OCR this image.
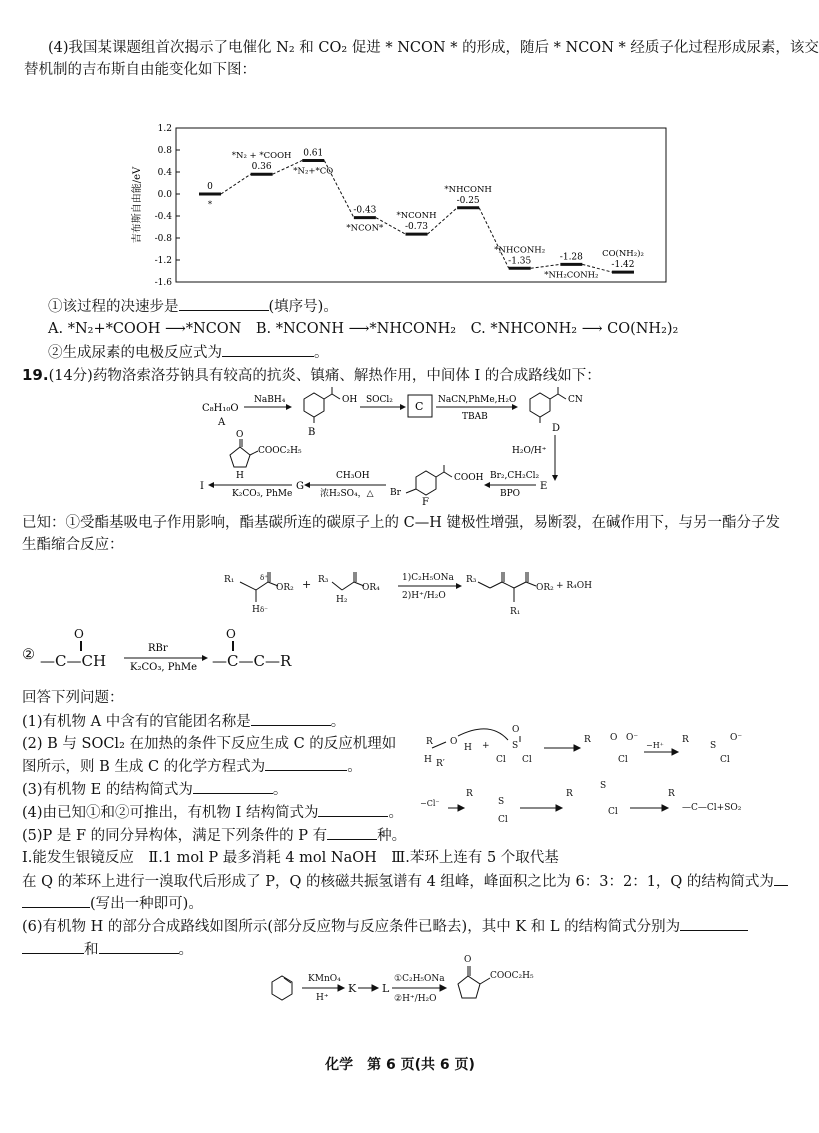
(4)我国某课题组首次揭示了电催化 N₂ 和 CO₂ 促进 * NCON * 的形成，随后 * NCON * 经质子化过程形成尿素，该交
替机制的吉布斯自由能变化如下图：
吉布斯自由能/eV
1.2
0.8
0.4
0.0
-0.4
-0.8
-1.2
-1.6
0
*
0.36
*N₂ + *COOH 0.61
*N₂+*CO
-0.43
*NCON* -0.73
*NCONH
-0.25
*NHCONH
-1.35
*NHCONH₂
-1.28
*NH₂CONH₂
-1.42
CO(NH₂)₂
①该过程的决速步是	(填序号)。
A. *N₂+*COOH ⟶*NCON　B. *NCONH ⟶*NHCONH₂　C. *NHCONH₂ ⟶ CO(NH₂)₂
②生成尿素的电极反应式为	。
19.(14分)药物洛索洛芬钠具有较高的抗炎、镇痛、解热作用，中间体 I 的合成路线如下：
C₈H₁₀O
A
NaBH₄	OH
B
SOCl₂ C NaCN,PhMe,H₂O
TBAB
CN
D
H₂O/H⁺
E
Br₂,CH₂Cl₂
BPO
COOH
Br
F
CH₃OH
浓H₂SO₄，△
G
K₂CO₃, PhMe
I
O
COOC₂H₅
H
已知：①受酯基吸电子作用影响，酯基碳所连的碳原子上的 C—H 键极性增强，易断裂，在碱作用下，与另一酯分子发
生酯缩合反应：
R₁
OR₂
δ⁺
H δ⁻
+ R₃
H₂
OR₄
1)C₂H₅ONa
2)H⁺/H₂O
R₃
OR₂
R₁
+ R₄OH
② —C—CH
O
RBr
K₂CO₃, PhMe —C—C—R
O
回答下列问题：
(1)有机物 A 中含有的官能团名称是	。
(2) B 与 SOCl₂ 在加热的条件下反应生成 C 的反应机理如
图所示，则 B 生成 C 的化学方程式为	。
(3)有机物 E 的结构简式为	。
(4)由已知①和②可推出，有机物 I 结构简式为	。
(5)P 是 F 的同分异构体，满足下列条件的 P 有	种。
R
H R′
O
H +
O
S
Cl Cl
R O O⁻
Cl
−H⁺
R
S
O⁻
Cl
−Cl⁻
R
S
Cl
R
S
Cl
R
—C—Cl+SO₂
Ⅰ.能发生银镜反应　Ⅱ.1 mol P 最多消耗 4 mol NaOH　Ⅲ.苯环上连有 5 个取代基
在 Q 的苯环上进行一溴取代后形成了 P，Q 的核磁共振氢谱有 4 组峰，峰面积之比为 6：3：2：1，Q 的结构简式为
(写出一种即可)。
(6)有机物 H 的部分合成路线如图所示(部分反应物与反应条件已略去)，其中 K 和 L 的结构简式分别为
和	。
KMnO₄
H⁺
K L
①C₂H₅ONa
②H⁺/H₂O
O
COOC₂H₅
化学　第 6 页(共 6 页)
